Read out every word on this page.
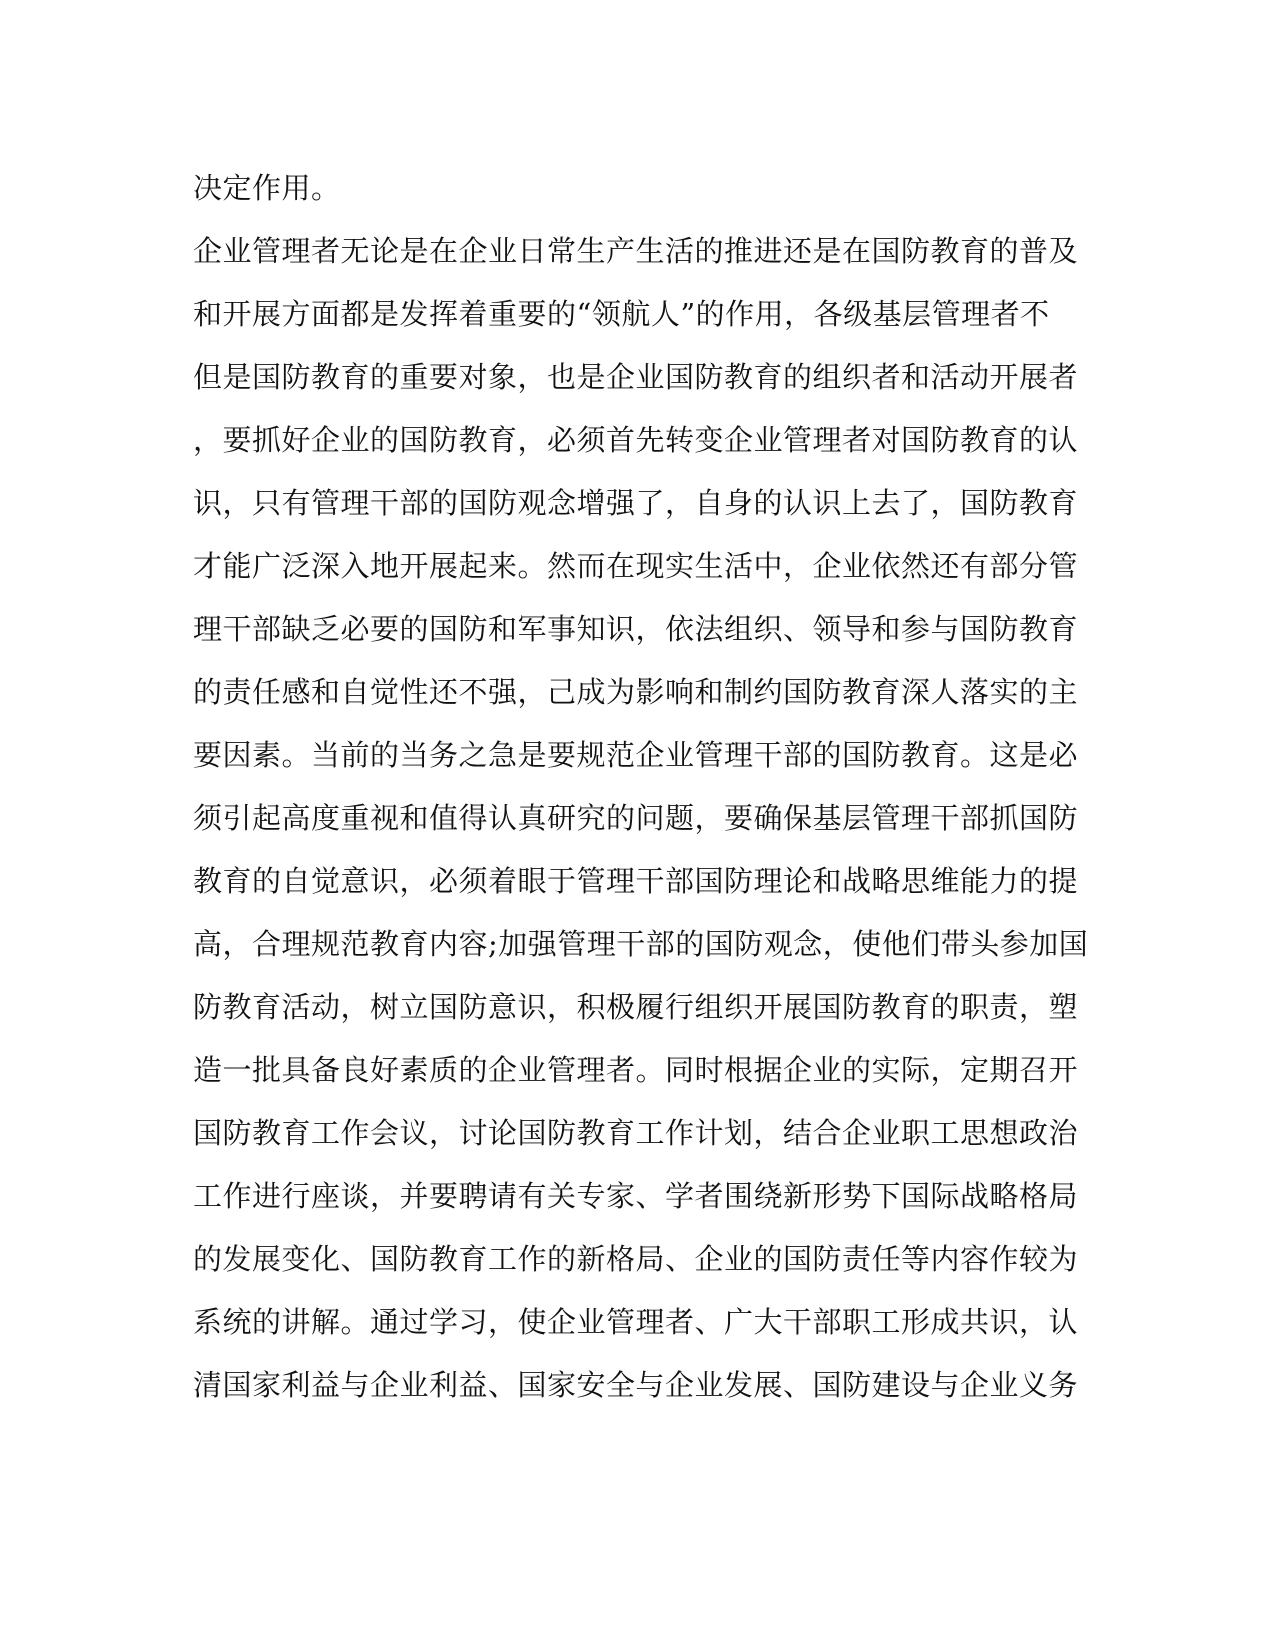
决定作用。
企业管理者无论是在企业日常生产生活的推进还是在国防教育的普及
和开展方面都是发挥着重要的“领航人”的作用，各级基层管理者不
但是国防教育的重要对象，也是企业国防教育的组织者和活动开展者
，要抓好企业的国防教育，必须首先转变企业管理者对国防教育的认
识，只有管理干部的国防观念增强了，自身的认识上去了，国防教育
才能广泛深入地开展起来。然而在现实生活中，企业依然还有部分管
理干部缺乏必要的国防和军事知识，依法组织、领导和参与国防教育
的责任感和自觉性还不强，己成为影响和制约国防教育深人落实的主
要因素。当前的当务之急是要规范企业管理干部的国防教育。这是必
须引起高度重视和值得认真研究的问题，要确保基层管理干部抓国防
教育的自觉意识，必须着眼于管理干部国防理论和战略思维能力的提
高，合理规范教育内容;加强管理干部的国防观念，使他们带头参加国
防教育活动，树立国防意识，积极履行组织开展国防教育的职责，塑
造一批具备良好素质的企业管理者。同时根据企业的实际，定期召开
国防教育工作会议，讨论国防教育工作计划，结合企业职工思想政治
工作进行座谈，并要聘请有关专家、学者围绕新形势下国际战略格局
的发展变化、国防教育工作的新格局、企业的国防责任等内容作较为
系统的讲解。通过学习，使企业管理者、广大干部职工形成共识，认
清国家利益与企业利益、国家安全与企业发展、国防建设与企业义务
